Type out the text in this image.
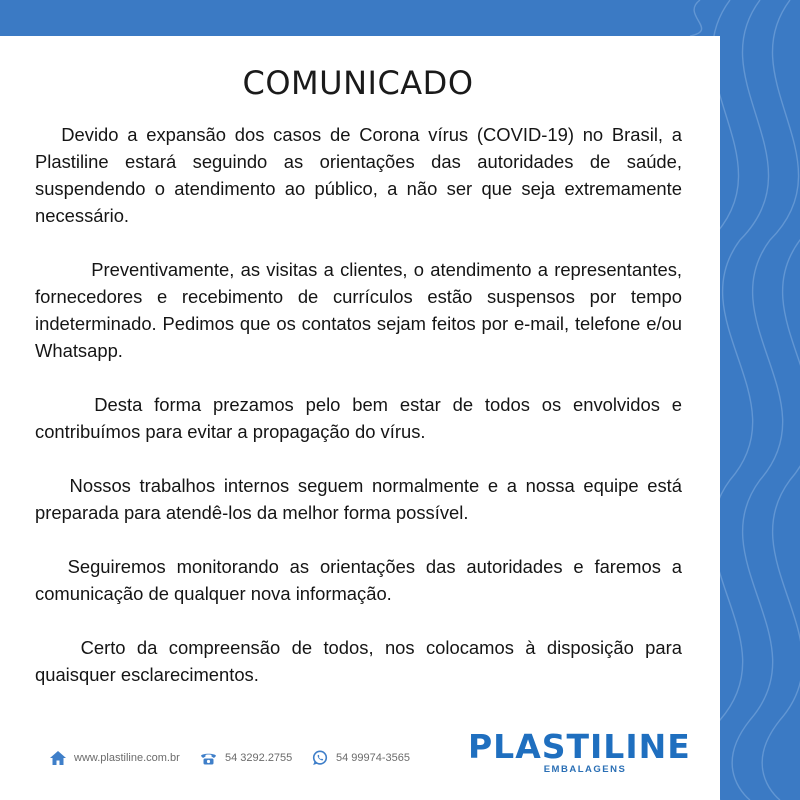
COMUNICADO

Devido a expansão dos casos de Corona vírus (COVID-19) no Brasil, a Plastiline estará seguindo as orientações das autoridades de saúde, suspendendo o atendimento ao público, a não ser que seja extremamente necessário.

Preventivamente, as visitas a clientes, o atendimento a representantes, fornecedores e recebimento de currículos estão suspensos por tempo indeterminado. Pedimos que os contatos sejam feitos por e-mail, telefone e/ou Whatsapp.

Desta forma prezamos pelo bem estar de todos os envolvidos e contribuímos para evitar a propagação do vírus.

Nossos trabalhos internos seguem normalmente e a nossa equipe está preparada para atendê-los da melhor forma possível.

Seguiremos monitorando as orientações das autoridades e faremos a comunicação de qualquer nova informação.

Certo da compreensão de todos, nos colocamos à disposição para quaisquer esclarecimentos.

www.plastiline.com.br	54 3292.2755	54 99974-3565 PLASTILINE
EMBALAGENS
